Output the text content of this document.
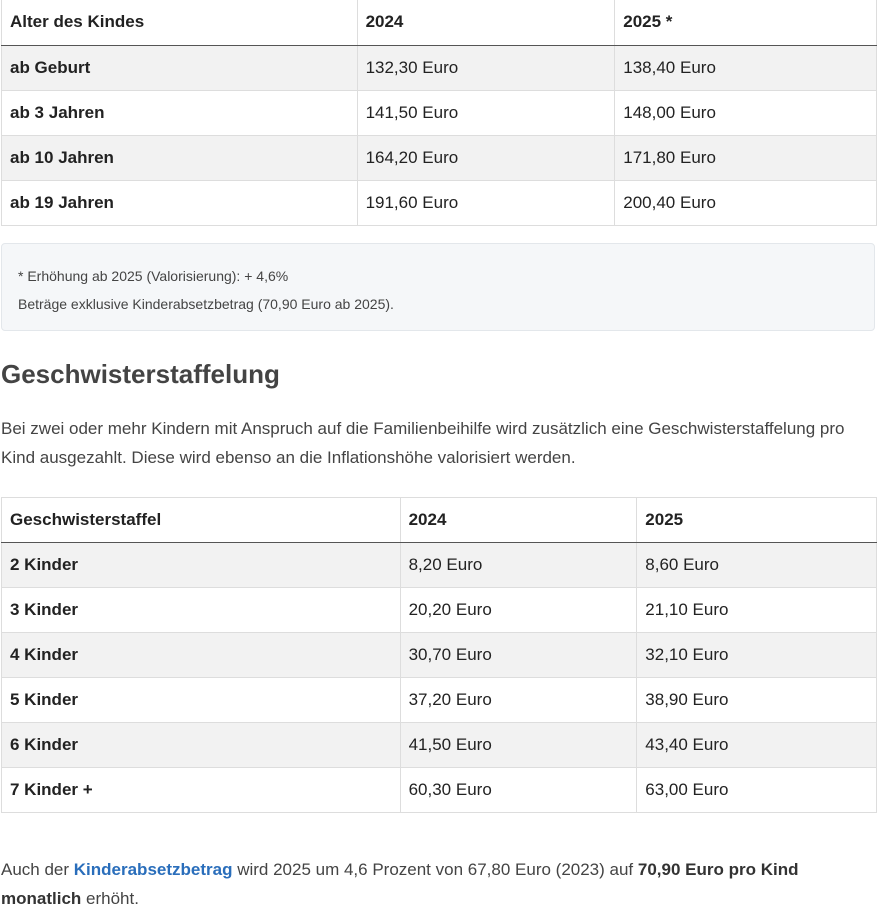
Alter des Kindes	2024	2025 *
ab Geburt	132,30 Euro	138,40 Euro
ab 3 Jahren	141,50 Euro	148,00 Euro
ab 10 Jahren	164,20 Euro	171,80 Euro
ab 19 Jahren	191,60 Euro	200,40 Euro

* Erhöhung ab 2025 (Valorisierung): + 4,6%

Beträge exklusive Kinderabsetzbetrag (70,90 Euro ab 2025).

Geschwisterstaffelung

Bei zwei oder mehr Kindern mit Anspruch auf die Familienbeihilfe wird zusätzlich eine Geschwisterstaffelung pro Kind ausgezahlt. Diese wird ebenso an die Inflationshöhe valorisiert werden.

Geschwisterstaffel	2024	2025
2 Kinder	8,20 Euro	8,60 Euro
3 Kinder	20,20 Euro	21,10 Euro
4 Kinder	30,70 Euro	32,10 Euro
5 Kinder	37,20 Euro	38,90 Euro
6 Kinder	41,50 Euro	43,40 Euro
7 Kinder +	60,30 Euro	63,00 Euro

Auch der Kinderabsetzbetrag wird 2025 um 4,6 Prozent von 67,80 Euro (2023) auf 70,90 Euro pro Kind monatlich erhöht.
